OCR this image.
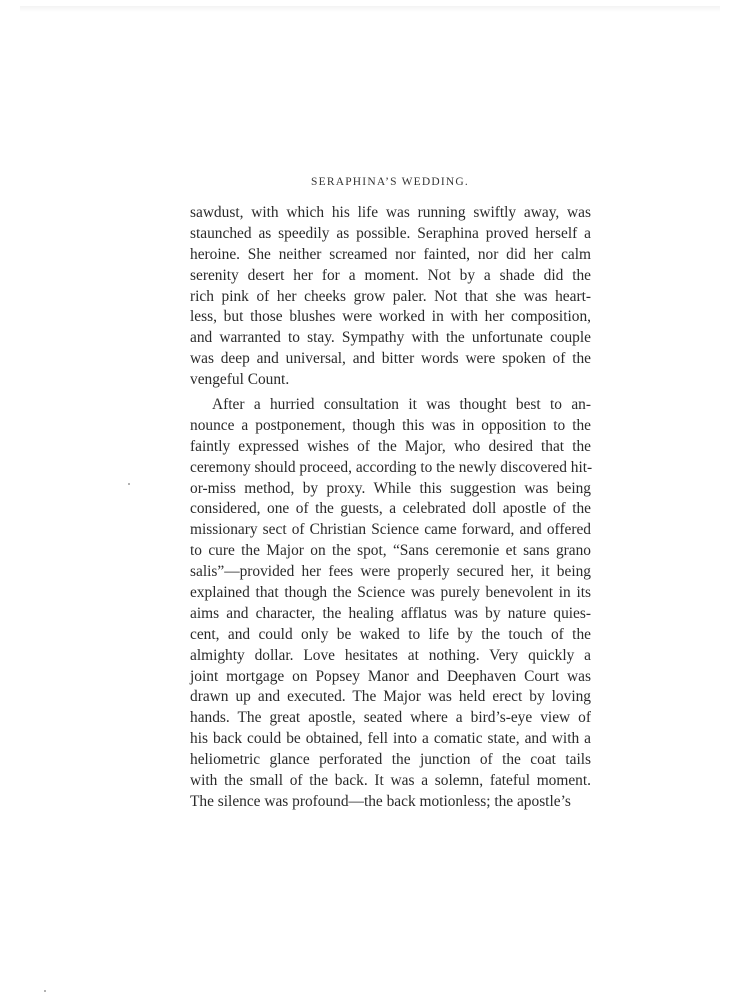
SERAPHINA’S WEDDING.
sawdust, with which his life was running swiftly away, was
staunched as speedily as possible. Seraphina proved herself a
heroine. She neither screamed nor fainted, nor did her calm
serenity desert her for a moment. Not by a shade did the
rich pink of her cheeks grow paler. Not that she was heart-
less, but those blushes were worked in with her composition,
and warranted to stay. Sympathy with the unfortunate couple
was deep and universal, and bitter words were spoken of the
vengeful Count.
After a hurried consultation it was thought best to an-
nounce a postponement, though this was in opposition to the
faintly expressed wishes of the Major, who desired that the
ceremony should proceed, according to the newly discovered hit-
or-miss method, by proxy. While this suggestion was being
considered, one of the guests, a celebrated doll apostle of the
missionary sect of Christian Science came forward, and offered
to cure the Major on the spot, “Sans ceremonie et sans grano
salis”—provided her fees were properly secured her, it being
explained that though the Science was purely benevolent in its
aims and character, the healing afflatus was by nature quies-
cent, and could only be waked to life by the touch of the
almighty dollar. Love hesitates at nothing. Very quickly a
joint mortgage on Popsey Manor and Deephaven Court was
drawn up and executed. The Major was held erect by loving
hands. The great apostle, seated where a bird’s-eye view of
his back could be obtained, fell into a comatic state, and with a
heliometric glance perforated the junction of the coat tails
with the small of the back. It was a solemn, fateful moment.
The silence was profound—the back motionless; the apostle’s
